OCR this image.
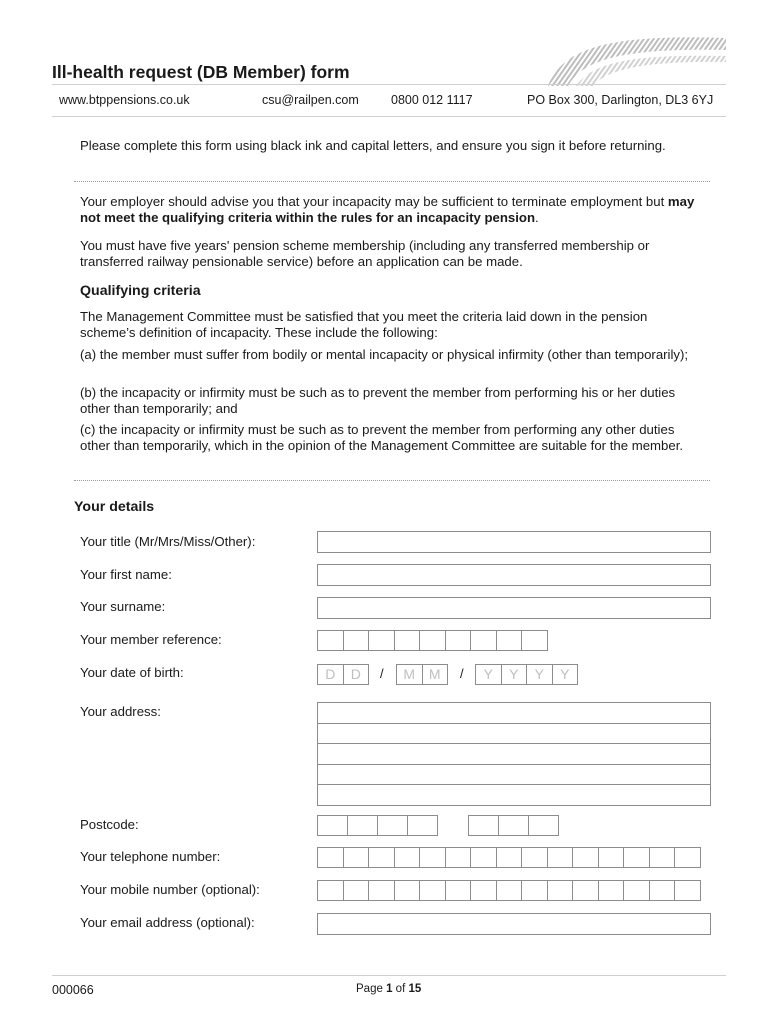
Ill-health request (DB Member) form
www.btppensions.co.uk	csu@railpen.com	0800 012 1117	PO Box 300, Darlington, DL3 6YJ
Please complete this form using black ink and capital letters, and ensure you sign it before returning.
Your employer should advise you that your incapacity may be sufficient to terminate employment but may not meet the qualifying criteria within the rules for an incapacity pension.
You must have five years' pension scheme membership (including any transferred membership or transferred railway pensionable service) before an application can be made.
Qualifying criteria
The Management Committee must be satisfied that you meet the criteria laid down in the pension scheme’s definition of incapacity. These include the following:
(a) the member must suffer from bodily or mental incapacity or physical infirmity (other than temporarily);
(b) the incapacity or infirmity must be such as to prevent the member from performing his or her duties other than temporarily; and
(c) the incapacity or infirmity must be such as to prevent the member from performing any other duties other than temporarily, which in the opinion of the Management Committee are suitable for the member.
Your details
Your title (Mr/Mrs/Miss/Other):
Your first name:
Your surname:
Your member reference:
Your date of birth:	D	D	/	M M	/	Y	Y	Y	Y
Your address:
Postcode:
Your telephone number:
Your mobile number (optional):
Your email address (optional):
000066	Page 1 of 15
